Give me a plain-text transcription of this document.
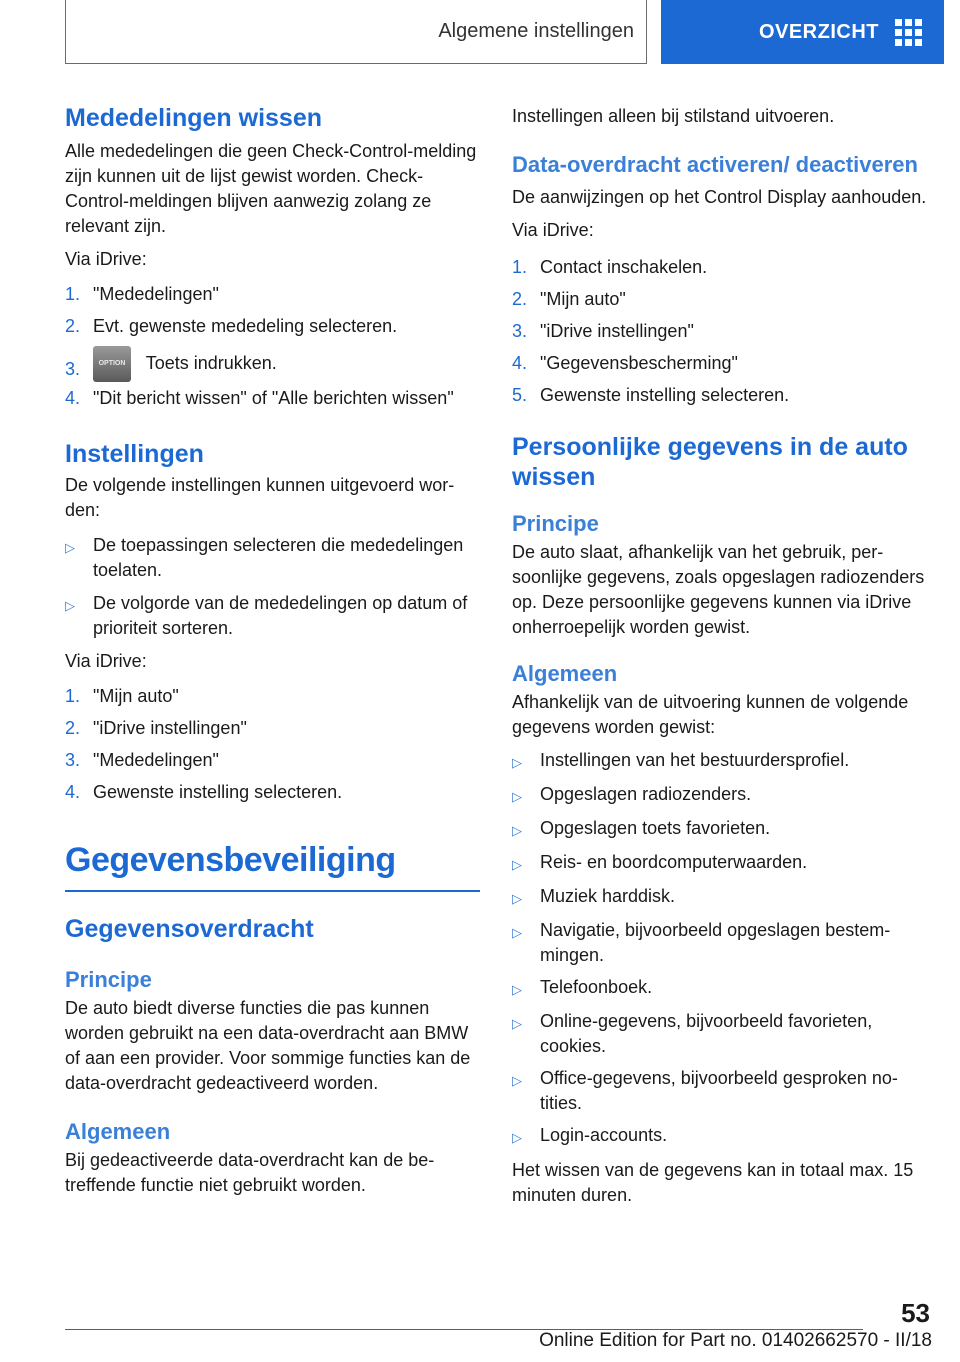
Algemene instellingen	OVERZICHT
Mededelingen wissen

Alle mededelingen die geen Check-Control-melding zijn kunnen uit de lijst gewist worden. Check-Control-meldingen blijven aanwezig zolang ze relevant zijn.

Via iDrive:

1. "Mededelingen"
2. Evt. gewenste mededeling selecteren.
3.	OPTION Toets indrukken.
4. "Dit bericht wissen" of "Alle berichten wissen"
Instellingen

De volgende instellingen kunnen uitgevoerd worden:

▷	De toepassingen selecteren die mededelingen toelaten.
▷	De volgorde van de mededelingen op datum of prioriteit sorteren.

Via iDrive:

1. "Mijn auto"
2. "iDrive instellingen"
3. "Mededelingen"
4. Gewenste instelling selecteren.
Gegevensbeveiliging
Gegevensoverdracht
Principe

De auto biedt diverse functies die pas kunnen worden gebruikt na een data-overdracht aan BMW of aan een provider. Voor sommige functies kan de data-overdracht gedeactiveerd worden.

Algemeen

Bij gedeactiveerde data-overdracht kan de betreffende functie niet gebruikt worden.

Instellingen alleen bij stilstand uitvoeren.

Data‑overdracht activeren/ deactiveren

De aanwijzingen op het Control Display aanhouden.

Via iDrive:

1. Contact inschakelen.
2. "Mijn auto"
3. "iDrive instellingen"
4. "Gegevensbescherming"
5. Gewenste instelling selecteren.
Persoonlijke gegevens in de auto wissen
Principe

De auto slaat, afhankelijk van het gebruik, persoonlijke gegevens, zoals opgeslagen radiozenders op. Deze persoonlijke gegevens kunnen via iDrive onherroepelijk worden gewist.

Algemeen

Afhankelijk van de uitvoering kunnen de volgende gegevens worden gewist:

▷	Instellingen van het bestuurdersprofiel.
▷	Opgeslagen radiozenders.
▷	Opgeslagen toets favorieten.
▷	Reis- en boordcomputerwaarden.
▷	Muziek harddisk.
▷	Navigatie, bijvoorbeeld opgeslagen bestemmingen.
▷	Telefoonboek.
▷	Online-gegevens, bijvoorbeeld favorieten, cookies.
▷	Office-gegevens, bijvoorbeeld gesproken notities.
▷	Login-accounts.

Het wissen van de gegevens kan in totaal max. 15 minuten duren.

53
Online Edition for Part no. 01402662570 - II/18
